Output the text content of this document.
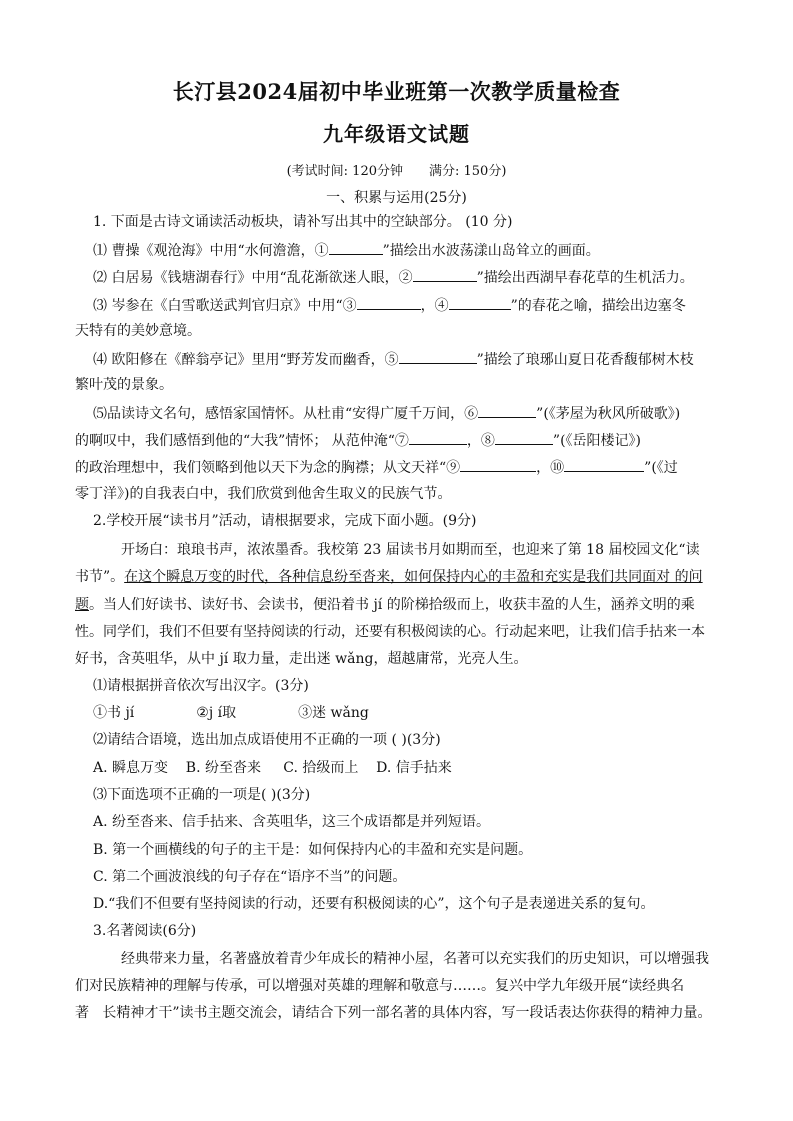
长汀县2024届初中毕业班第一次教学质量检查
九年级语文试题
(考试时间: 120分钟 满分: 150分)
一、积累与运用(25分)
1. 下面是古诗文诵读活动板块，请补写出其中的空缺部分。 (10 分)
⑴ 曹操《观沧海》中用“水何澹澹，①	”描绘出水波荡漾山岛耸立的画面。
⑵ 白居易《钱塘湖春行》中用“乱花渐欲迷人眼，②	”描绘出西湖早春花草的生机活力。
⑶ 岑参在《白雪歌送武判官归京》中用“③	，④	”的春花之喻，描绘出边塞冬
天特有的美妙意境。
⑷ 欧阳修在《醉翁亭记》里用“野芳发而幽香，⑤	”描绘了琅琊山夏日花香馥郁树木枝
繁叶茂的景象。
⑸品读诗文名句，感悟家国情怀。从杜甫“安得广厦千万间，⑥	”(《茅屋为秋风所破歌》)
的啊叹中，我们感悟到他的“大我”情怀； 从范仲淹“⑦	，⑧	”(《岳阳楼记》)
的政治理想中，我们领略到他以天下为念的胸襟；从文天祥“⑨	，⑩	”(《过
零丁洋》)的自我表白中，我们欣赏到他舍生取义的民族气节。
2.学校开展“读书月”活动，请根据要求，完成下面小题。(9分)
开场白：琅琅书声，浓浓墨香。我校第 23 届读书月如期而至，也迎来了第 18 届校园文化“读
书节”。在这个瞬息万变的时代，各种信息纷至沓来，如何保持内心的丰盈和充实是我们共同面对 的问
题。当人们好读书、读好书、会读书，便沿着书 jí 的阶梯拾级而上，收获丰盈的人生，涵养文明的乘
性。同学们，我们不但要有坚持阅读的行动，还要有积极阅读的心。行动起来吧，让我们信手拈来一本
好书，含英咀华，从中 jí 取力量，走出迷 wǎng，超越庸常，光亮人生。
⑴请根据拼音依次写出汉字。(3分)
①书 jí	②j í取	③迷 wǎng
⑵请结合语境，选出加点成语使用不正确的一项 ( )(3分)
A. 瞬息万变    B. 纷至沓来     C. 拾级而上    D. 信手拈来
⑶下面选项不正确的一项是( )(3分)
A. 纷至沓来、信手拈来、含英咀华，这三个成语都是并列短语。
B. 第一个画横线的句子的主干是：如何保持内心的丰盈和充实是问题。
C. 第二个画波浪线的句子存在“语序不当”的问题。
D.“我们不但要有坚持阅读的行动，还要有积极阅读的心”，这个句子是表递进关系的复句。
3.名著阅读(6分)
经典带来力量，名著盛放着青少年成长的精神小屋，名著可以充实我们的历史知识，可以增强我
们对民族精神的理解与传承，可以增强对英雄的理解和敬意与……。复兴中学九年级开展“读经典名
著   长精神才干”读书主题交流会，请结合下列一部名著的具体内容，写一段话表达你获得的精神力量。
